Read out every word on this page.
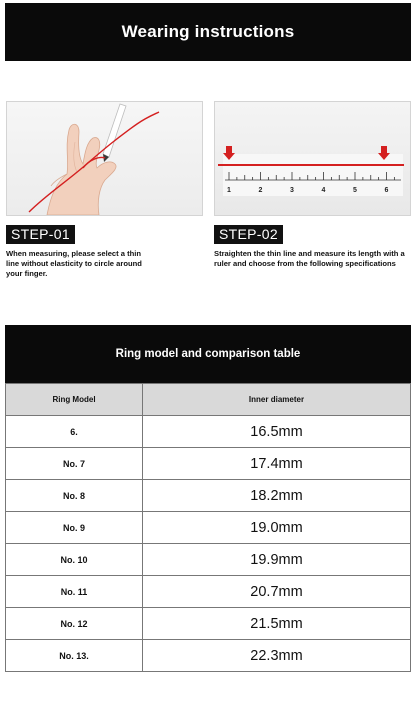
Wearing instructions
1	2	3	4	5	6
STEP-01
When measuring, please select a thin line without elasticity to circle around your finger.
STEP-02
Straighten the thin line and measure its length with a ruler and choose from the following specifications
Ring model and comparison table
Ring Model	Inner diameter
6.	16.5mm
No. 7	17.4mm
No. 8	18.2mm
No. 9	19.0mm
No. 10	19.9mm
No. 11	20.7mm
No. 12	21.5mm
No. 13.	22.3mm
